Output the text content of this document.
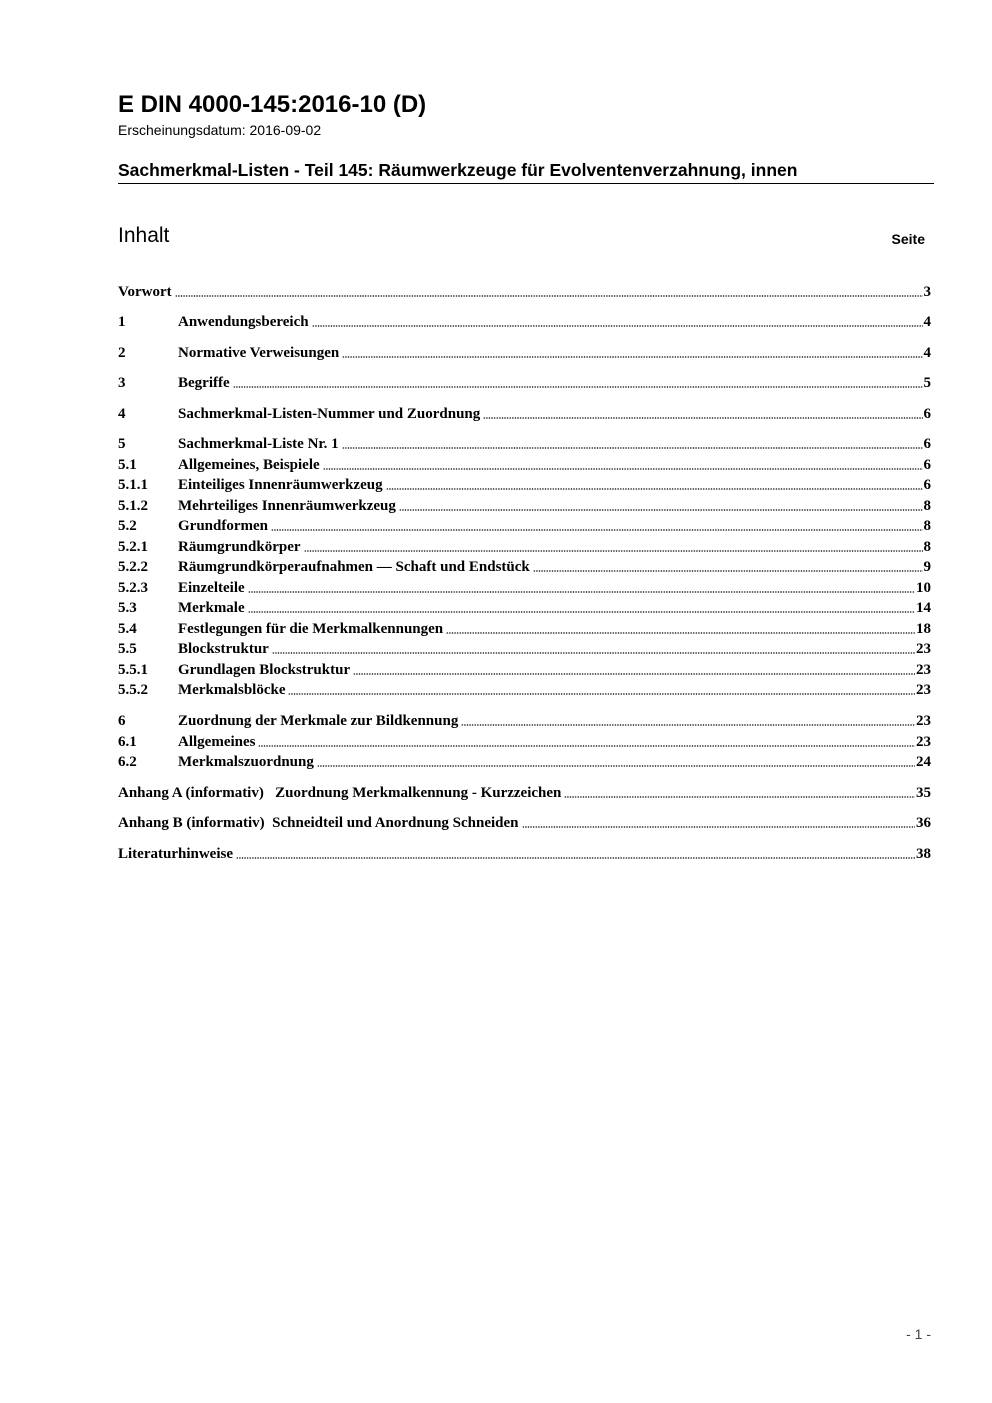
E DIN 4000-145:2016-10 (D)
Erscheinungsdatum: 2016-09-02
Sachmerkmal-Listen - Teil 145: Räumwerkzeuge für Evolventenverzahnung, innen
Inhalt	Seite
Vorwort	3
1	Anwendungsbereich	4
2	Normative Verweisungen	4
3	Begriffe	5
4	Sachmerkmal-Listen-Nummer und Zuordnung	6
5	Sachmerkmal-Liste Nr. 1	6
5.1	Allgemeines, Beispiele	6
5.1.1	Einteiliges Innenräumwerkzeug	6
5.1.2	Mehrteiliges Innenräumwerkzeug	8
5.2	Grundformen	8
5.2.1	Räumgrundkörper	8
5.2.2	Räumgrundkörperaufnahmen — Schaft und Endstück	9
5.2.3	Einzelteile	10
5.3	Merkmale	14
5.4	Festlegungen für die Merkmalkennungen	18
5.5	Blockstruktur	23
5.5.1	Grundlagen Blockstruktur	23
5.5.2	Merkmalsblöcke	23
6	Zuordnung der Merkmale zur Bildkennung	23
6.1	Allgemeines	23
6.2	Merkmalszuordnung	24
Anhang A (informativ)   Zuordnung Merkmalkennung - Kurzzeichen	35
Anhang B (informativ)  Schneidteil und Anordnung Schneiden	36
Literaturhinweise	38
- 1 -
